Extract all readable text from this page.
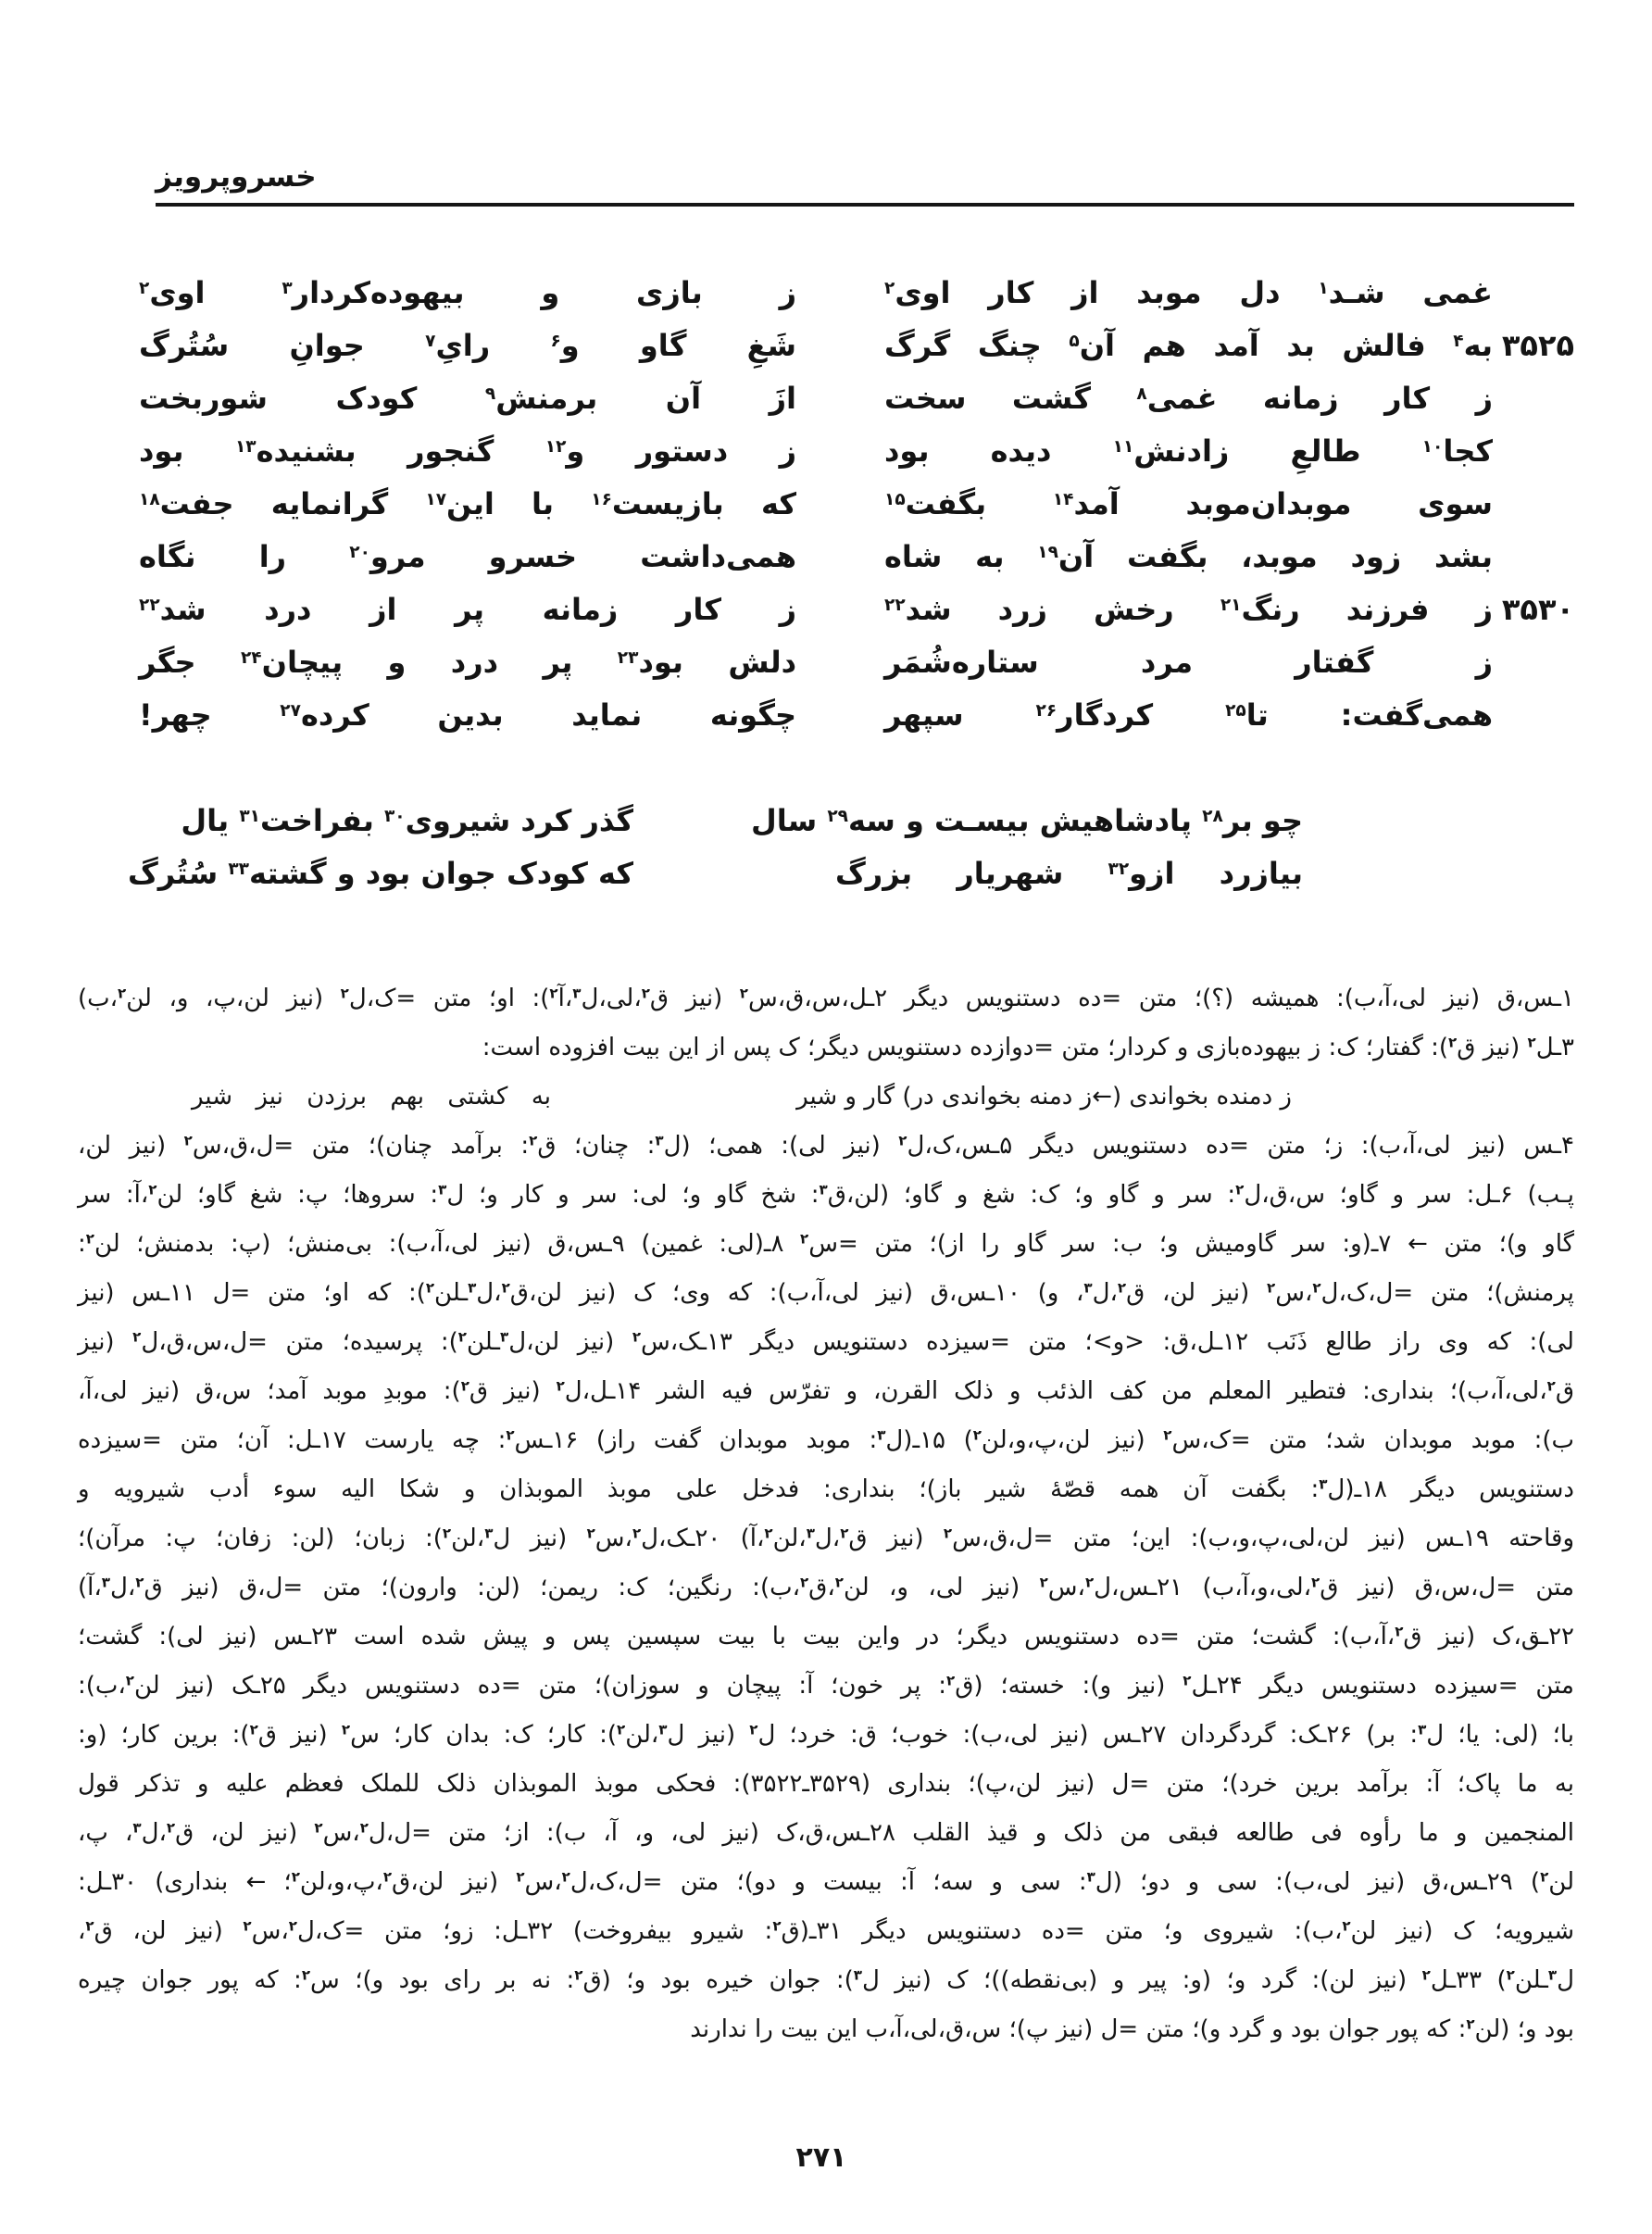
خسروپرویز
غمی شـد$^۱$ دل موبد از کار اوی$^۲$
ز بازی و بیهوده‌کردار$^۳$ اوی$^۲$
۳۵۲۵
به$^۴$ فالش بد آمد هم آن$^۵$ چنگ گرگ
شَغِ گاو و$^۶$ رایِ$^۷$ جوانِ سُتُرگ
ز کار زمانه غمی$^۸$ گشت سخت
ازَ آن برمنش$^۹$ کودک شوربخت
کجا$^{۱۰}$ طالعِ زادنش$^{۱۱}$ دیده بود
ز دستور و$^{۱۲}$ گنجور بشنیده$^{۱۳}$ بود
سوی موبدان‌موبد آمد$^{۱۴}$ بگفت$^{۱۵}$
که بازیست$^{۱۶}$ با این$^{۱۷}$ گرانمایه جفت$^{۱۸}$
بشد زود موبد، بگفت آن$^{۱۹}$ به شاه
همی‌داشت خسرو مرو$^{۲۰}$ را نگاه
۳۵۳۰
ز فرزند رنگ$^{۲۱}$ رخش زرد شد$^{۲۲}$
ز کار زمانه پر از درد شد$^{۲۲}$
ز گفتار مرد ستاره‌شُمَر
دلش بود$^{۲۳}$ پر درد و پیچان$^{۲۴}$ جگر
همی‌گفت: تا$^{۲۵}$ کردگار$^{۲۶}$ سپهر
چگونه نماید بدین کرده$^{۲۷}$ چهر!
چو بر$^{۲۸}$ پادشاهیش بیسـت و سه$^{۲۹}$ سال
گذر کرد شیروی$^{۳۰}$ بفراخت$^{۳۱}$ یال
بیازرد ازو$^{۳۲}$ شهریار بزرگ
که کودک جوان بود و گشته$^{۳۳}$ سُتُرگ
۱ـس،ق (نیز لی،آ،ب): همیشه (؟)؛ متن =ده دستنویس دیگر ۲ـل،س،ق،س$^۲$ (نیز ق$^۲$،لی،ل$^۳$،آ$^۲$): او؛ متن =ک،ل$^۲$ (نیز لن،پ، و، لن$^۲$،ب)
۳ـل$^۲$ (نیز ق$^۲$): گفتار؛ ک: ز بیهوده‌بازی و کردار؛ متن =دوازده دستنویس دیگر؛ ک پس از این بیت افزوده است:
ز دمنده بخواندی (←ز دمنه بخواندی در) گار و شیر
به کشتی بهم برزدن نیز شیر
۴ـس (نیز لی،آ،ب): ز؛ متن =ده دستنویس دیگر ۵ـس،ک،ل$^۲$ (نیز لی): همی؛ (ل$^۳$: چنان؛ ق$^۲$: برآمد چنان)؛ متن =ل،ق،س$^۲$ (نیز لن،
پـب) ۶ـل: سر و گاو؛ س،ق،ل$^۲$: سر و گاو و؛ ک: شغ و گاو؛ (لن،ق$^۳$: شخ گاو و؛ لی: سر و کار و؛ ل$^۳$: سروها؛ پ: شغ گاو؛ لن$^۲$،آ: سر
گاو و)؛ متن ← ۷ـ(و: سر گاومیش و؛ ب: سر گاو را از)؛ متن =س$^۲$ ۸ـ(لی: غمین) ۹ـس،ق (نیز لی،آ،ب): بی‌منش؛ (پ: بدمنش؛ لن$^۲$:
پرمنش)؛ متن =ل،ک،ل$^۲$،س$^۲$ (نیز لن، ق$^۲$،ل$^۳$، و) ۱۰ـس،ق (نیز لی،آ،ب): که وی؛ ک (نیز لن،ق$^۲$،ل$^۳$ـلن$^۲$): که او؛ متن =ل ۱۱ـس (نیز
لی): که وی راز طالع ذَنَب ۱۲ـل،ق: <و>؛ متن =سیزده دستنویس دیگر ۱۳ـک،س$^۲$ (نیز لن،ل$^۳$ـلن$^۲$): پرسیده؛ متن =ل،س،ق،ل$^۲$ (نیز
ق$^۲$،لی،آ،ب)؛ بنداری: فتطیر المعلم من کف الذئب و ذلک القرن، و تفرّس فیه الشر ۱۴ـل،ل$^۲$ (نیز ق$^۲$): موبدِ موبد آمد؛ س،ق (نیز لی،آ،
ب): موبد موبدان شد؛ متن =ک،س$^۲$ (نیز لن،پ،و،لن$^۲$) ۱۵ـ(ل$^۳$: موبد موبدان گفت راز) ۱۶ـس$^۲$: چه یارست ۱۷ـل: آن؛ متن =سیزده
دستنویس دیگر ۱۸ـ(ل$^۳$: بگفت آن همه قصّهٔ شیر باز)؛ بنداری: فدخل علی موبذ الموبذان و شکا الیه سوء أدب شیرویه و
وقاحته ۱۹ـس (نیز لن،لی،پ،و،ب): این؛ متن =ل،ق،س$^۲$ (نیز ق$^۲$،ل$^۳$،لن$^۲$،آ) ۲۰ـک،ل$^۲$،س$^۲$ (نیز ل$^۳$،لن$^۲$): زبان؛ (لن: زفان؛ پ: مرآن)؛
متن =ل،س،ق (نیز ق$^۲$،لی،و،آ،ب) ۲۱ـس،ل$^۲$،س$^۲$ (نیز لی، و، لن$^۲$،ق$^۲$،ب): رنگین؛ ک: ریمن؛ (لن: وارون)؛ متن =ل،ق (نیز ق$^۲$،ل$^۳$،آ)
۲۲ـق،ک (نیز ق$^۲$،آ،ب): گشت؛ متن =ده دستنویس دیگر؛ در واین بیت با بیت سپسین پس و پیش شده است ۲۳ـس (نیز لی): گشت؛
متن =سیزده دستنویس دیگر ۲۴ـل$^۲$ (نیز و): خسته؛ (ق$^۲$: پر خون؛ آ: پیچان و سوزان)؛ متن =ده دستنویس دیگر ۲۵ـک (نیز لن$^۲$،ب):
با؛ (لی: یا؛ ل$^۳$: بر) ۲۶ـک: گردگردان ۲۷ـس (نیز لی،ب): خوب؛ ق: خرد؛ ل$^۲$ (نیز ل$^۳$،لن$^۲$): کار؛ ک: بدان کار؛ س$^۲$ (نیز ق$^۲$): برین کار؛ (و:
به ما پاک؛ آ: برآمد برین خرد)؛ متن =ل (نیز لن،پ)؛ بنداری (۳۵۲۹ـ۳۵۲۲): فحکی موبذ الموبذان ذلک للملک فعظم علیه و تذکر قول
المنجمین و ما رأوه فی طالعه فبقی من ذلک و قیذ القلب ۲۸ـس،ق،ک (نیز لی، و، آ، ب): از؛ متن =ل،ل$^۲$،س$^۲$ (نیز لن، ق$^۲$،ل$^۳$، پ،
لن$^۲$) ۲۹ـس،ق (نیز لی،ب): سی و دو؛ (ل$^۳$: سی و سه؛ آ: بیست و دو)؛ متن =ل،ک،ل$^۲$،س$^۲$ (نیز لن،ق$^۲$،پ،و،لن$^۲$؛ ← بنداری) ۳۰ـل:
شیرویه؛ ک (نیز لن$^۲$،ب): شیروی و؛ متن =ده دستنویس دیگر ۳۱ـ(ق$^۲$: شیرو بیفروخت) ۳۲ـل: زو؛ متن =ک،ل$^۲$،س$^۲$ (نیز لن، ق$^۲$،
ل$^۳$ـلن$^۲$) ۳۳ـل$^۲$ (نیز لن): گرد و؛ (و: پیر و (بی‌نقطه))؛ ک (نیز ل$^۳$): جوان خیره بود و؛ (ق$^۲$: نه بر رای بود و)؛ س$^۲$: که پور جوان چیره
بود و؛ (لن$^۲$: که پور جوان بود و گرد و)؛ متن =ل (نیز پ)؛ س،ق،لی،آ،ب این بیت را ندارند
۲۷۱
